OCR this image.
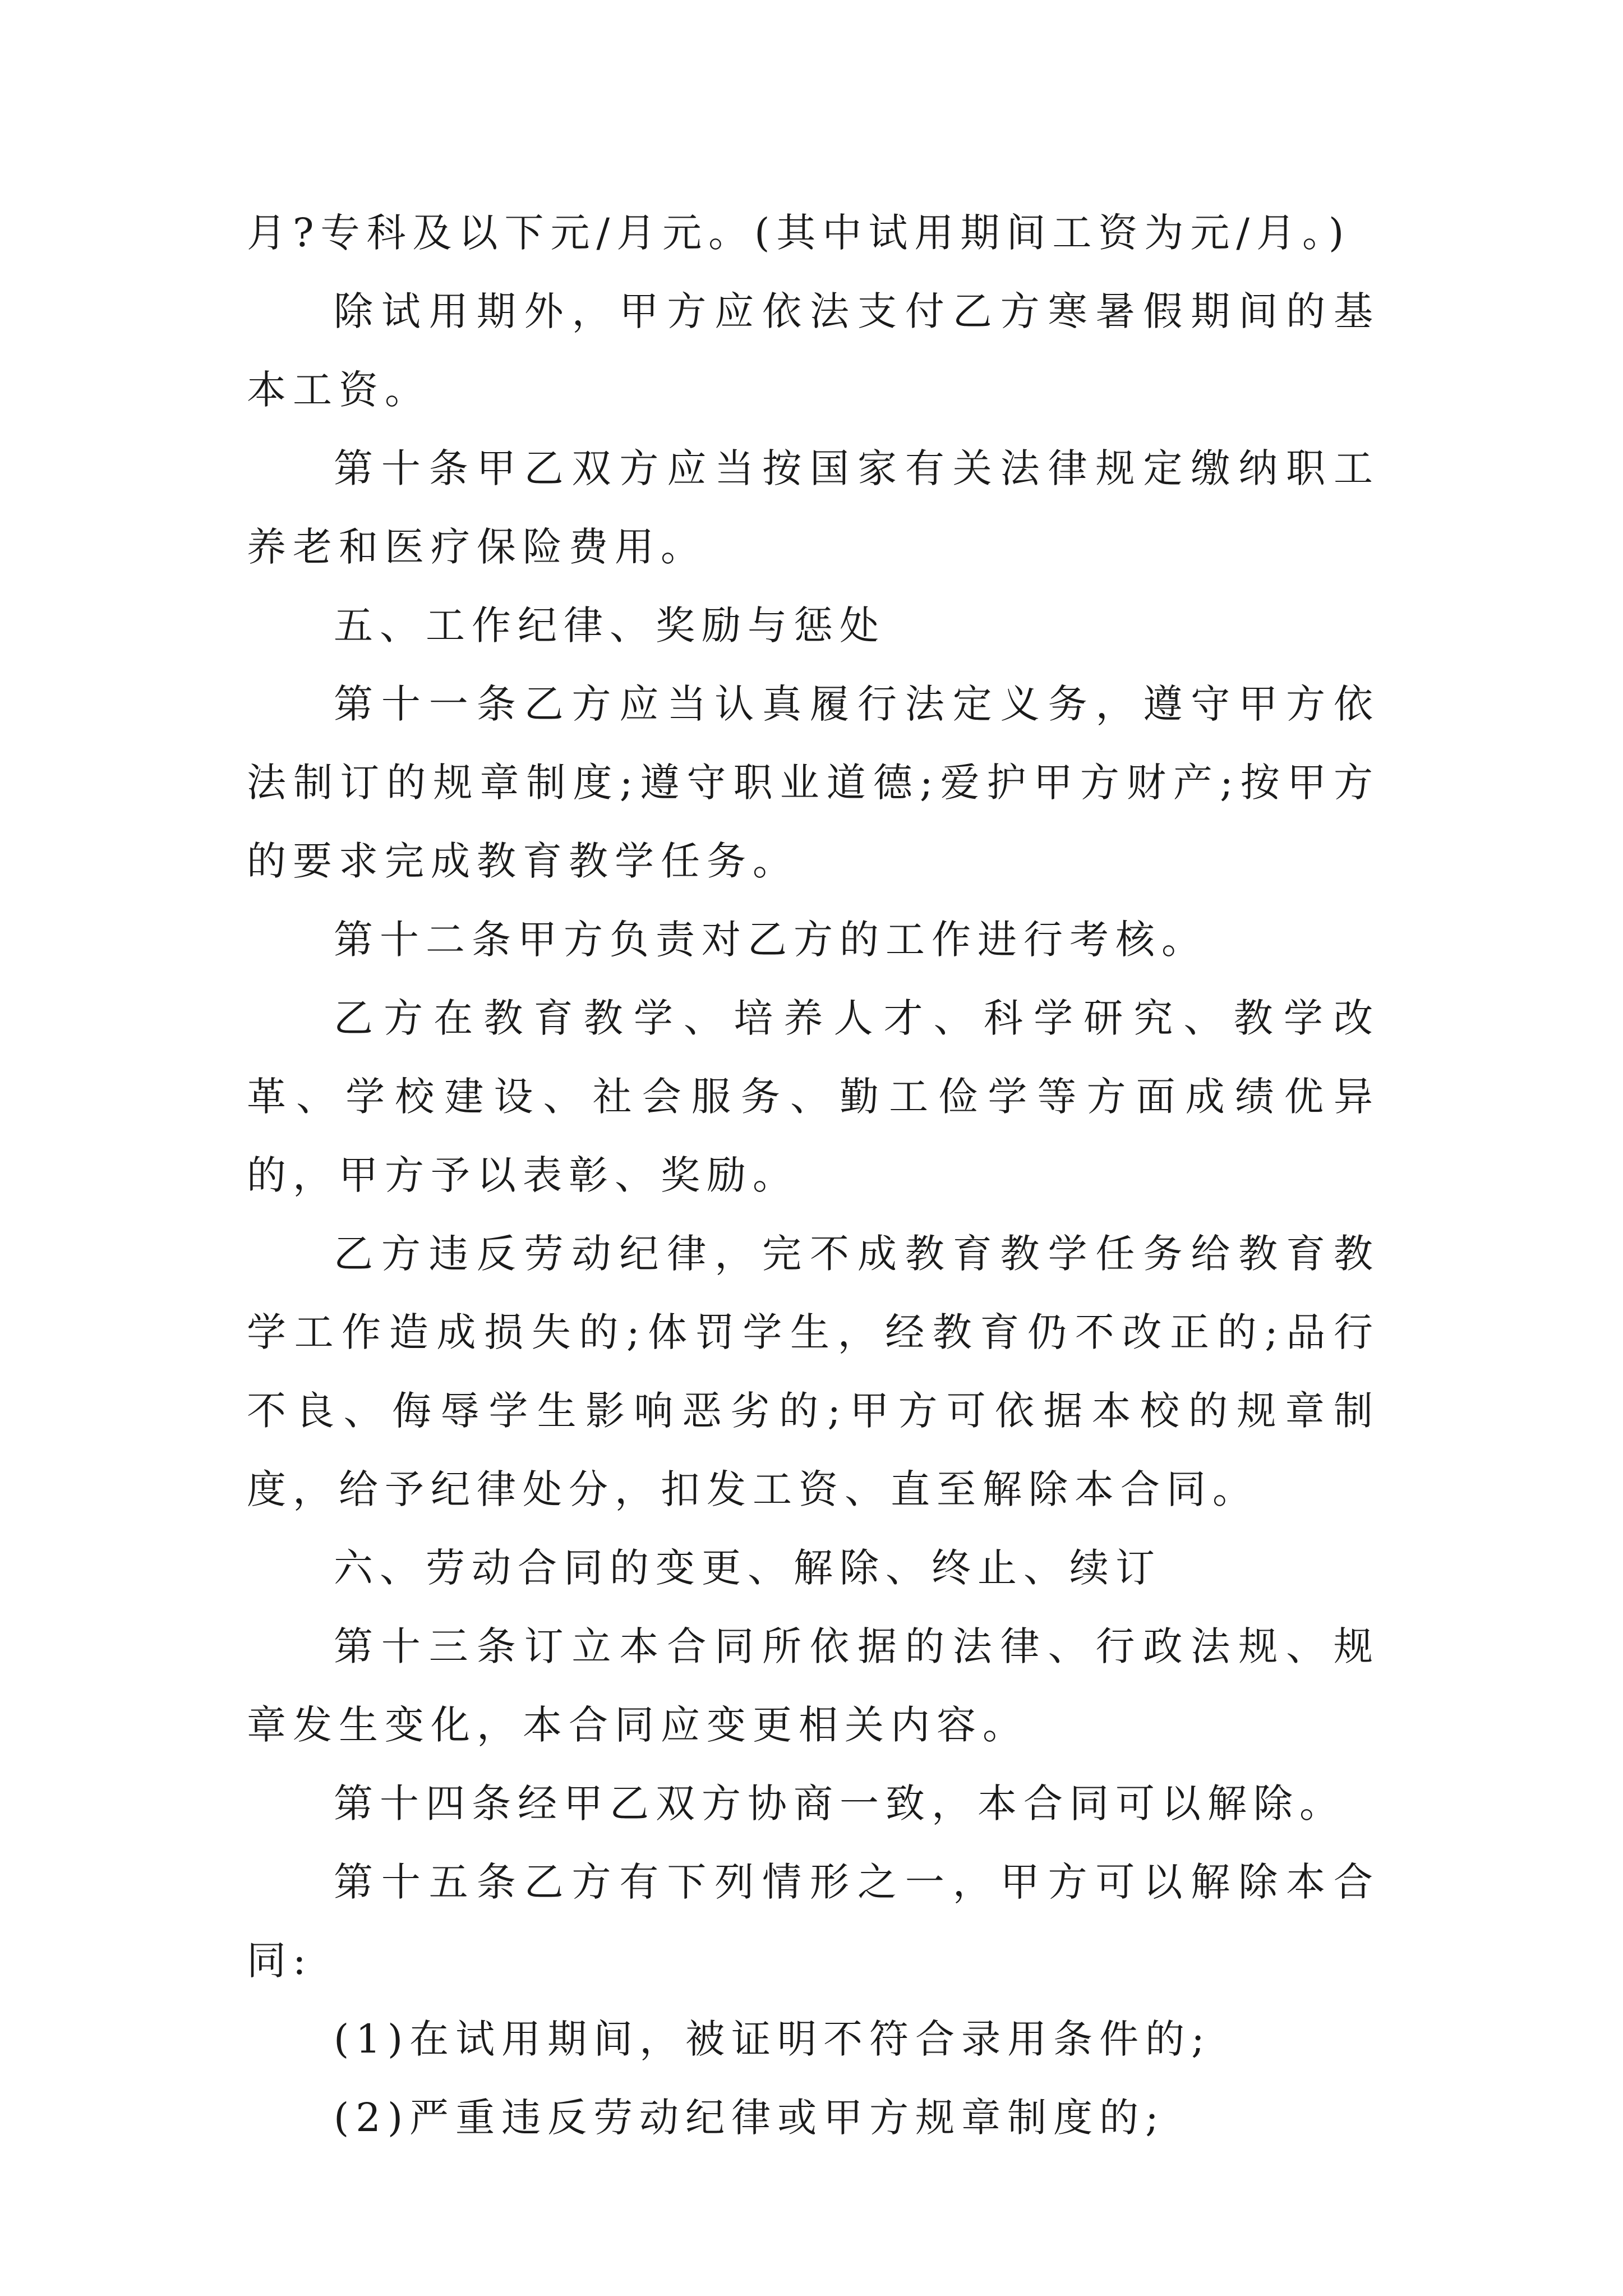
月?专科及以下元/月元。(其中试用期间工资为元/月。)

除试用期外，甲方应依法支付乙方寒暑假期间的基本工资。

第十条甲乙双方应当按国家有关法律规定缴纳职工养老和医疗保险费用。

五、工作纪律、奖励与惩处

第十一条乙方应当认真履行法定义务，遵守甲方依法制订的规章制度;遵守职业道德;爱护甲方财产;按甲方的要求完成教育教学任务。

第十二条甲方负责对乙方的工作进行考核。

乙方在教育教学、培养人才、科学研究、教学改革、学校建设、社会服务、勤工俭学等方面成绩优异的，甲方予以表彰、奖励。

乙方违反劳动纪律，完不成教育教学任务给教育教学工作造成损失的;体罚学生，经教育仍不改正的;品行不良、侮辱学生影响恶劣的;甲方可依据本校的规章制度，给予纪律处分，扣发工资、直至解除本合同。

六、劳动合同的变更、解除、终止、续订

第十三条订立本合同所依据的法律、行政法规、规章发生变化，本合同应变更相关内容。

第十四条经甲乙双方协商一致，本合同可以解除。

第十五条乙方有下列情形之一，甲方可以解除本合同:

(1)在试用期间，被证明不符合录用条件的;

(2)严重违反劳动纪律或甲方规章制度的;
